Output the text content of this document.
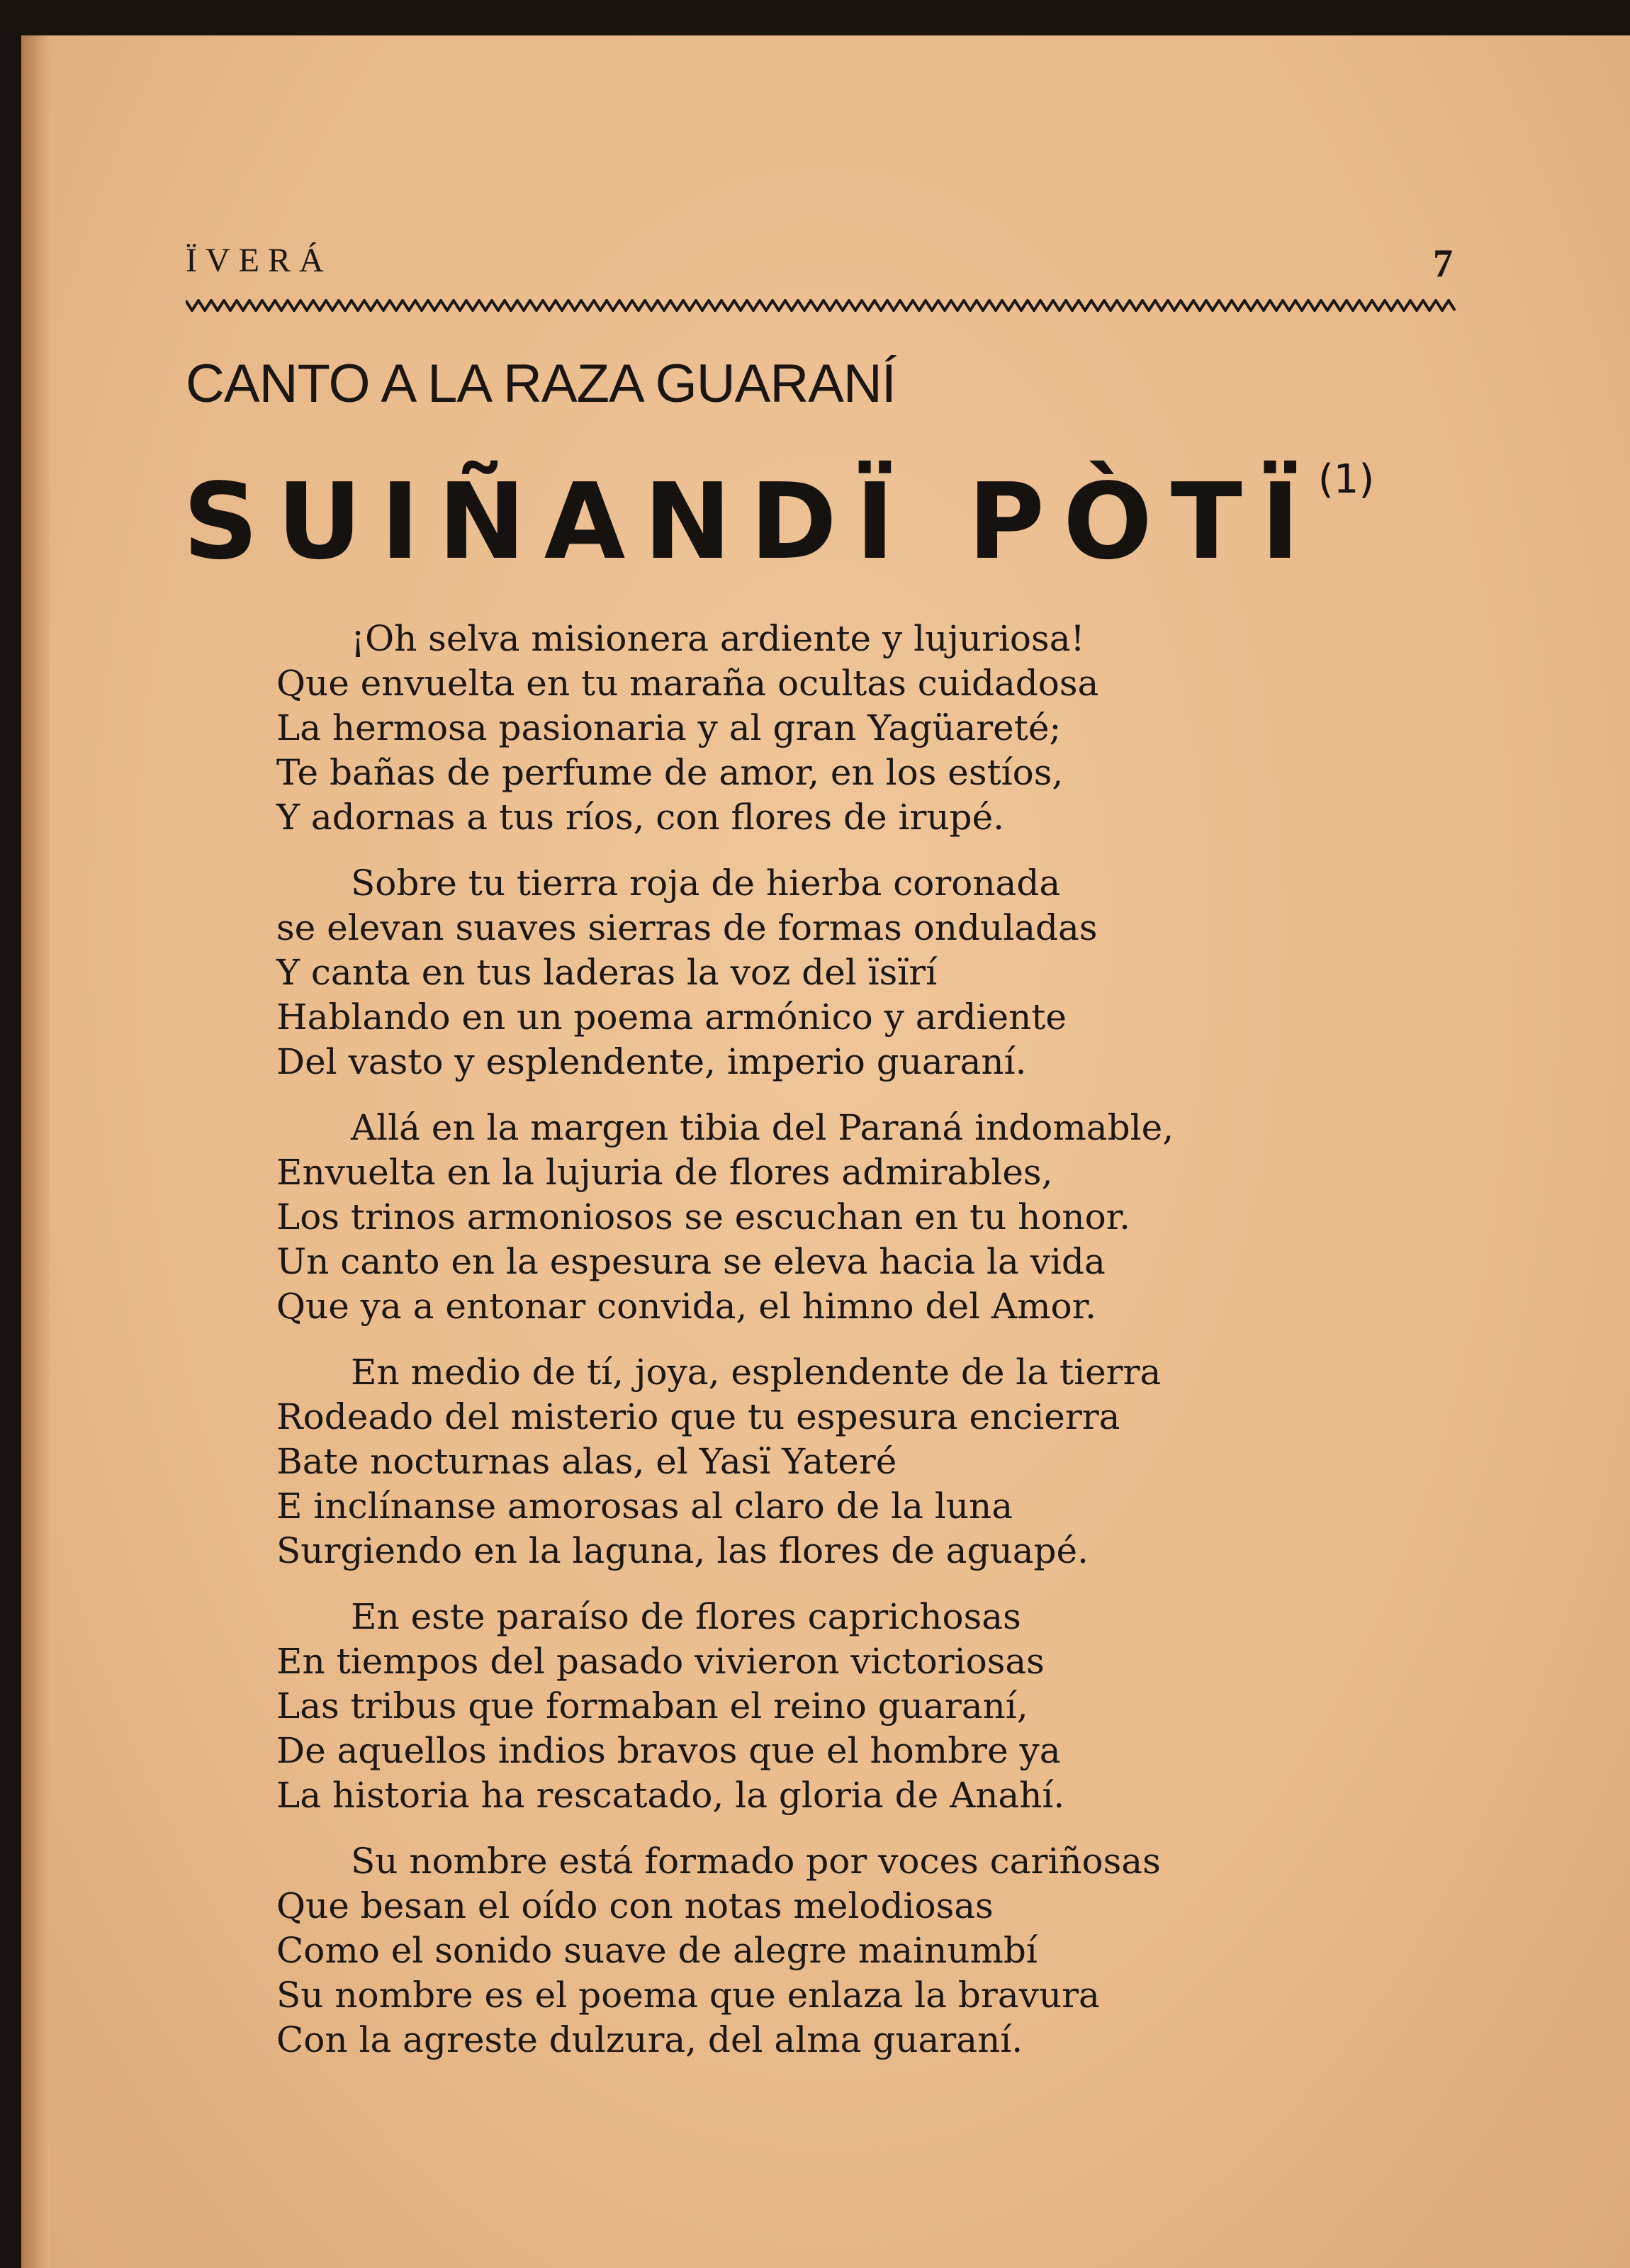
ÏVERÁ	7
CANTO A LA RAZA GUARANÍ
SUIÑANDÏ PÒTÏ$^{(1)}$
¡Oh selva misionera ardiente y lujuriosa!
Que envuelta en tu maraña ocultas cuidadosa
La hermosa pasionaria y al gran Yagüareté;
Te bañas de perfume de amor, en los estíos,
Y adornas a tus ríos, con flores de irupé.
Sobre tu tierra roja de hierba coronada
se elevan suaves sierras de formas onduladas
Y canta en tus laderas la voz del ïsïrí
Hablando en un poema armónico y ardiente
Del vasto y esplendente, imperio guaraní.
Allá en la margen tibia del Paraná indomable,
Envuelta en la lujuria de flores admirables,
Los trinos armoniosos se escuchan en tu honor.
Un canto en la espesura se eleva hacia la vida
Que ya a entonar convida, el himno del Amor.
En medio de tí, joya, esplendente de la tierra
Rodeado del misterio que tu espesura encierra
Bate nocturnas alas, el Yasï Yateré
E inclínanse amorosas al claro de la luna
Surgiendo en la laguna, las flores de aguapé.
En este paraíso de flores caprichosas
En tiempos del pasado vivieron victoriosas
Las tribus que formaban el reino guaraní,
De aquellos indios bravos que el hombre ya
La historia ha rescatado, la gloria de Anahí.
Su nombre está formado por voces cariñosas
Que besan el oído con notas melodiosas
Como el sonido suave de alegre mainumbí
Su nombre es el poema que enlaza la bravura
Con la agreste dulzura, del alma guaraní.
